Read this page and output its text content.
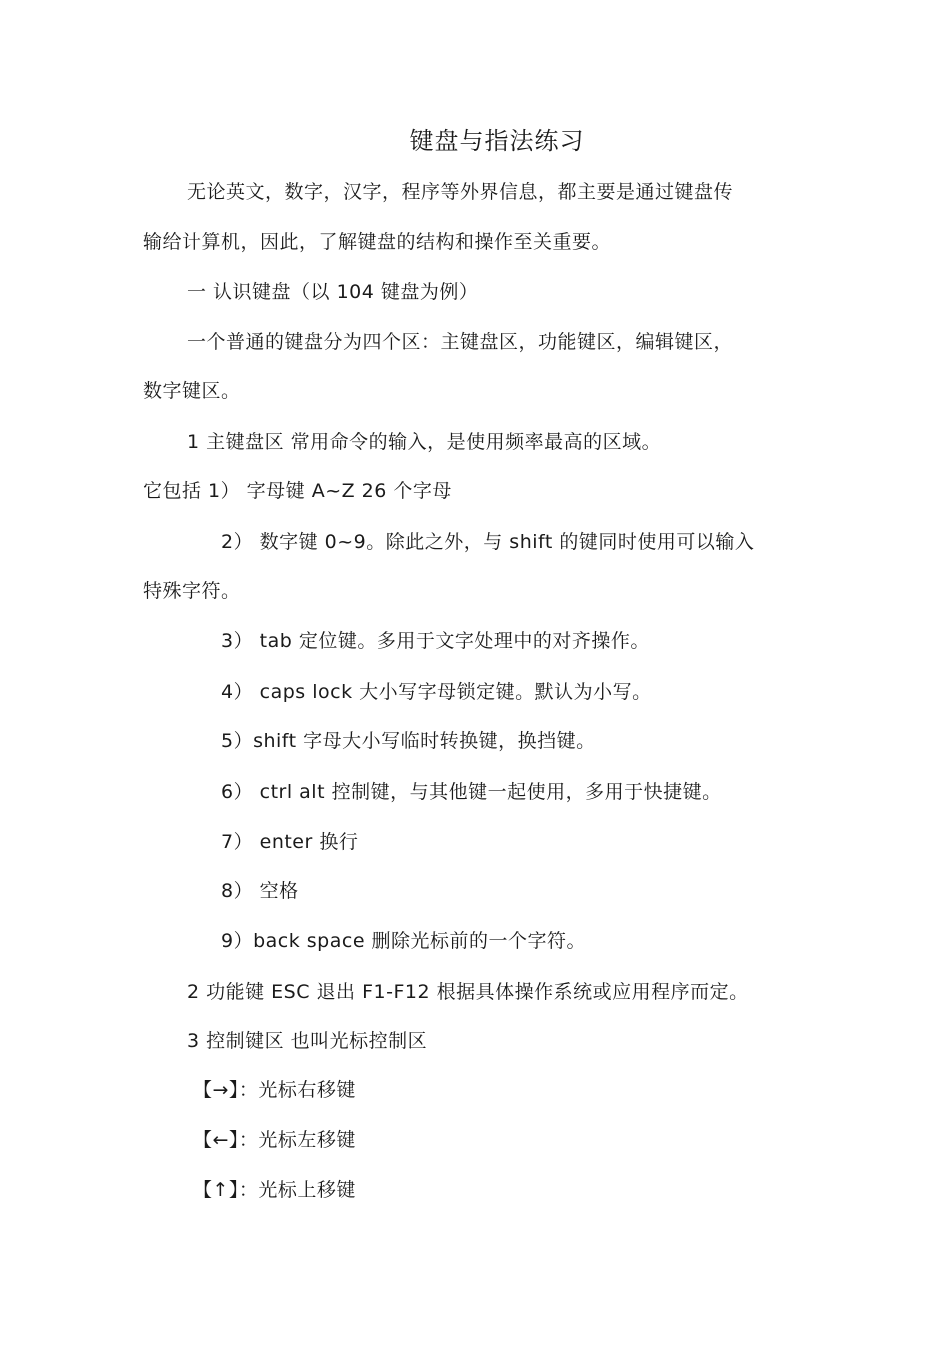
键盘与指法练习
无论英文，数字，汉字，程序等外界信息，都主要是通过键盘传
输给计算机，因此，了解键盘的结构和操作至关重要。
一 认识键盘（以 104 键盘为例）
一个普通的键盘分为四个区：主键盘区，功能键区，编辑键区，
数字键区。
1 主键盘区 常用命令的输入，是使用频率最高的区域。
它包括 1） 字母键 A~Z 26 个字母
2） 数字键 0~9。除此之外，与 shift 的键同时使用可以输入
特殊字符。
3） tab 定位键。多用于文字处理中的对齐操作。
4） caps lock 大小写字母锁定键。默认为小写。
5）shift 字母大小写临时转换键，换挡键。
6） ctrl alt 控制键，与其他键一起使用，多用于快捷键。
7） enter 换行
8） 空格
9）back space 删除光标前的一个字符。
2 功能键 ESC 退出 F1-F12 根据具体操作系统或应用程序而定。
3 控制键区 也叫光标控制区
【→】：光标右移键
【←】：光标左移键
【↑】：光标上移键
